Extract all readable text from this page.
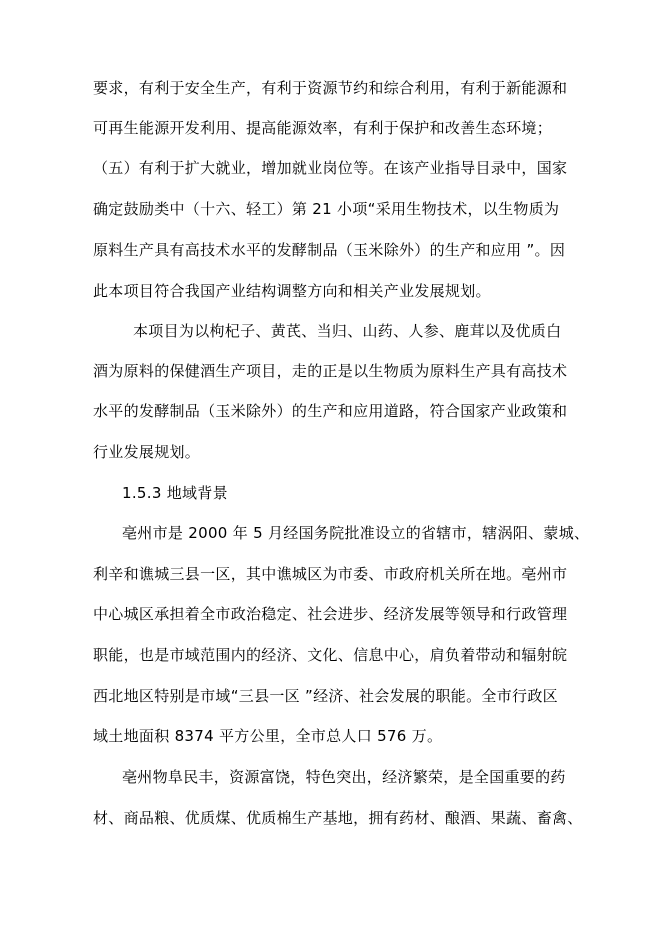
要求，有利于安全生产，有利于资源节约和综合利用，有利于新能源和
可再生能源开发利用、提高能源效率，有利于保护和改善生态环境；
（五）有利于扩大就业，增加就业岗位等。在该产业指导目录中，国家
确定鼓励类中（十六、轻工）第 21 小项“采用生物技术，以生物质为
原料生产具有高技术水平的发酵制品（玉米除外）的生产和应用 ”。因
此本项目符合我国产业结构调整方向和相关产业发展规划。
本项目为以枸杞子、黄芪、当归、山药、人参、鹿茸以及优质白
酒为原料的保健酒生产项目，走的正是以生物质为原料生产具有高技术
水平的发酵制品（玉米除外）的生产和应用道路，符合国家产业政策和
行业发展规划。
1.5.3 地域背景
亳州市是 2000 年 5 月经国务院批准设立的省辖市，辖涡阳、蒙城、
利辛和谯城三县一区，其中谯城区为市委、市政府机关所在地。亳州市
中心城区承担着全市政治稳定、社会进步、经济发展等领导和行政管理
职能，也是市域范围内的经济、文化、信息中心，肩负着带动和辐射皖
西北地区特别是市域“三县一区 ”经济、社会发展的职能。全市行政区
域土地面积 8374 平方公里，全市总人口 576 万。
亳州物阜民丰，资源富饶，特色突出，经济繁荣，是全国重要的药
材、商品粮、优质煤、优质棉生产基地，拥有药材、酿酒、果蔬、畜禽、
